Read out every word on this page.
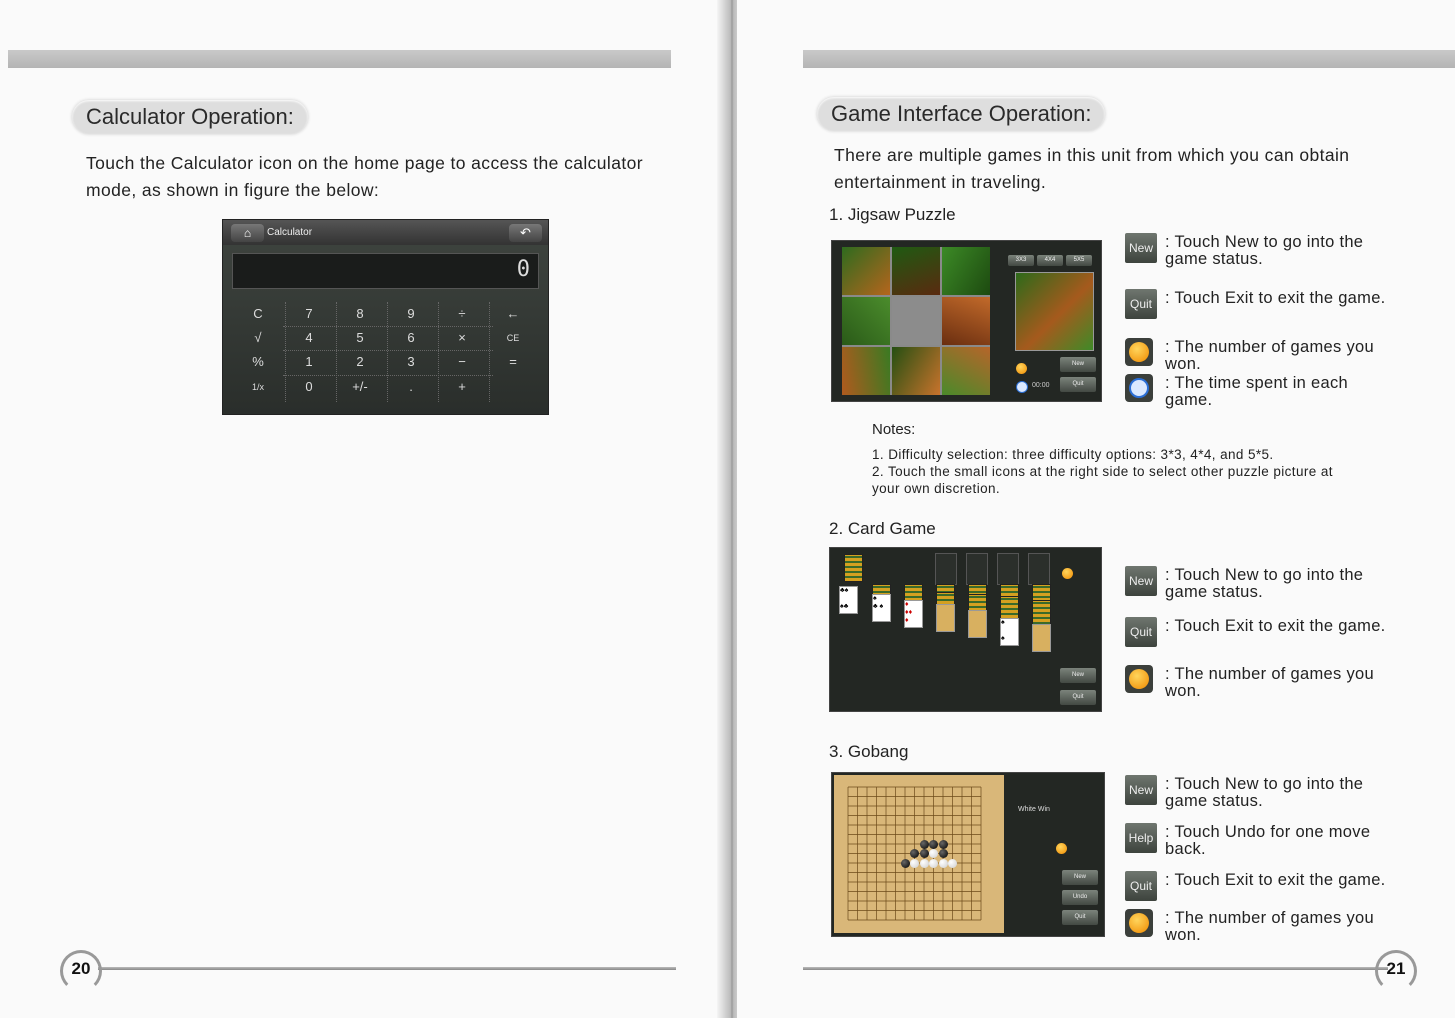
Calculator Operation:
Touch the Calculator icon on the home page to access the calculator mode, as shown in figure the below:
⌂	Calculator	↶
0
C	7	8	9	÷	←
√	4	5	6	×	CE
%	1	2	3	−	=
1/x	0	+/-	.	+
20
Game Interface Operation:
There are multiple games in this unit from which you can obtain entertainment in traveling.
1. Jigsaw Puzzle
3X3	4X4	5X5
00:00
New
Quit
Notes:
1. Difficulty selection: three difficulty options: 3*3, 4*4, and 5*5.
2. Touch the small icons at the right side to select other puzzle picture at your own discretion.
2. Card Game
♣♠

♠♣
♠
♣ ♠	♦
♦♦
♦	♠

♠
New
Quit
3. Gobang
White Win
New
Undo
Quit
21
New : Touch New to go into the game status.
Quit : Touch Exit to exit the game.
: The number of games you won.
: The time spent in each game.
New : Touch New to go into the game status.
Quit : Touch Exit to exit the game.
: The number of games you won.
New : Touch New to go into the game status.
Help : Touch Undo for one move back.
Quit : Touch Exit to exit the game.
: The number of games you won.
